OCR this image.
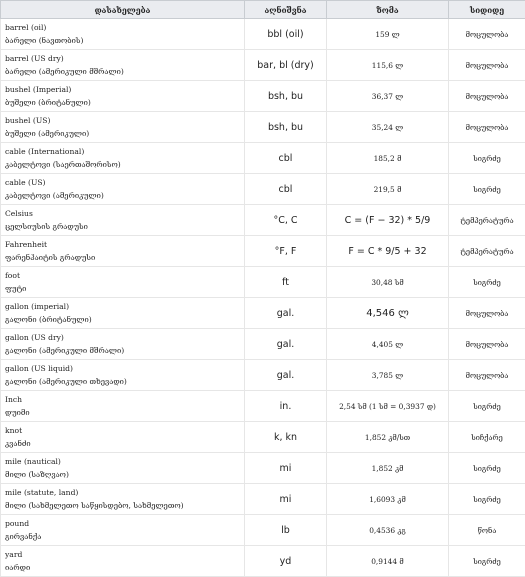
დასახელება	აღნიშვნა	ზომა	სიდიდე

barrel (oil)
ბარელი (ნავთობის)	bbl (oil)	159 ლ	მოცულობა

barrel (US dry)
ბარელი (ამერიკული მშრალი)	bar, bl (dry)	115,6 ლ	მოცულობა

bushel (Imperial)
ბუშელი (ბრიტანული)	bsh, bu	36,37 ლ	მოცულობა

bushel (US)
ბუშელი (ამერიკული)	bsh, bu	35,24 ლ	მოცულობა

cable (International)
კაბელტოვი (საერთაშორისო)	cbl	185,2 მ	სიგრძე

cable (US)
კაბელტოვი (ამერიკული)	cbl	219,5 მ	სიგრძე

Celsius
ცელსიუსის გრადუსი	°C, C	C = (F − 32) * 5/9	ტემპერატურა

Fahrenheit
ფარენჰაიტის გრადუსი	°F, F	F = C * 9/5 + 32	ტემპერატურა

foot
ფუტი	ft	30,48 სმ	სიგრძე

gallon (imperial)
გალონი (ბრიტანული)	gal.	4,546 ლ	მოცულობა

gallon (US dry)
გალონი (ამერიკული მშრალი)	gal.	4,405 ლ	მოცულობა

gallon (US liquid)
გალონი (ამერიკული თხევადი)	gal.	3,785 ლ	მოცულობა

Inch
დუიმი	in.	2,54 სმ (1 სმ = 0,3937 დ)	სიგრძე

knot
კვანძი	k, kn	1,852 კმ/სთ	სიჩქარე

mile (nautical)
მილი (საზღვაო)	mi	1,852 კმ	სიგრძე

mile (statute, land)
მილი (სახმელეთო საწყისდებო, სახმელეთო)	mi	1,6093 კმ	სიგრძე

pound
გირვანქა	lb	0,4536 კგ	წონა

yard
იარდი	yd	0,9144 მ	სიგრძე
